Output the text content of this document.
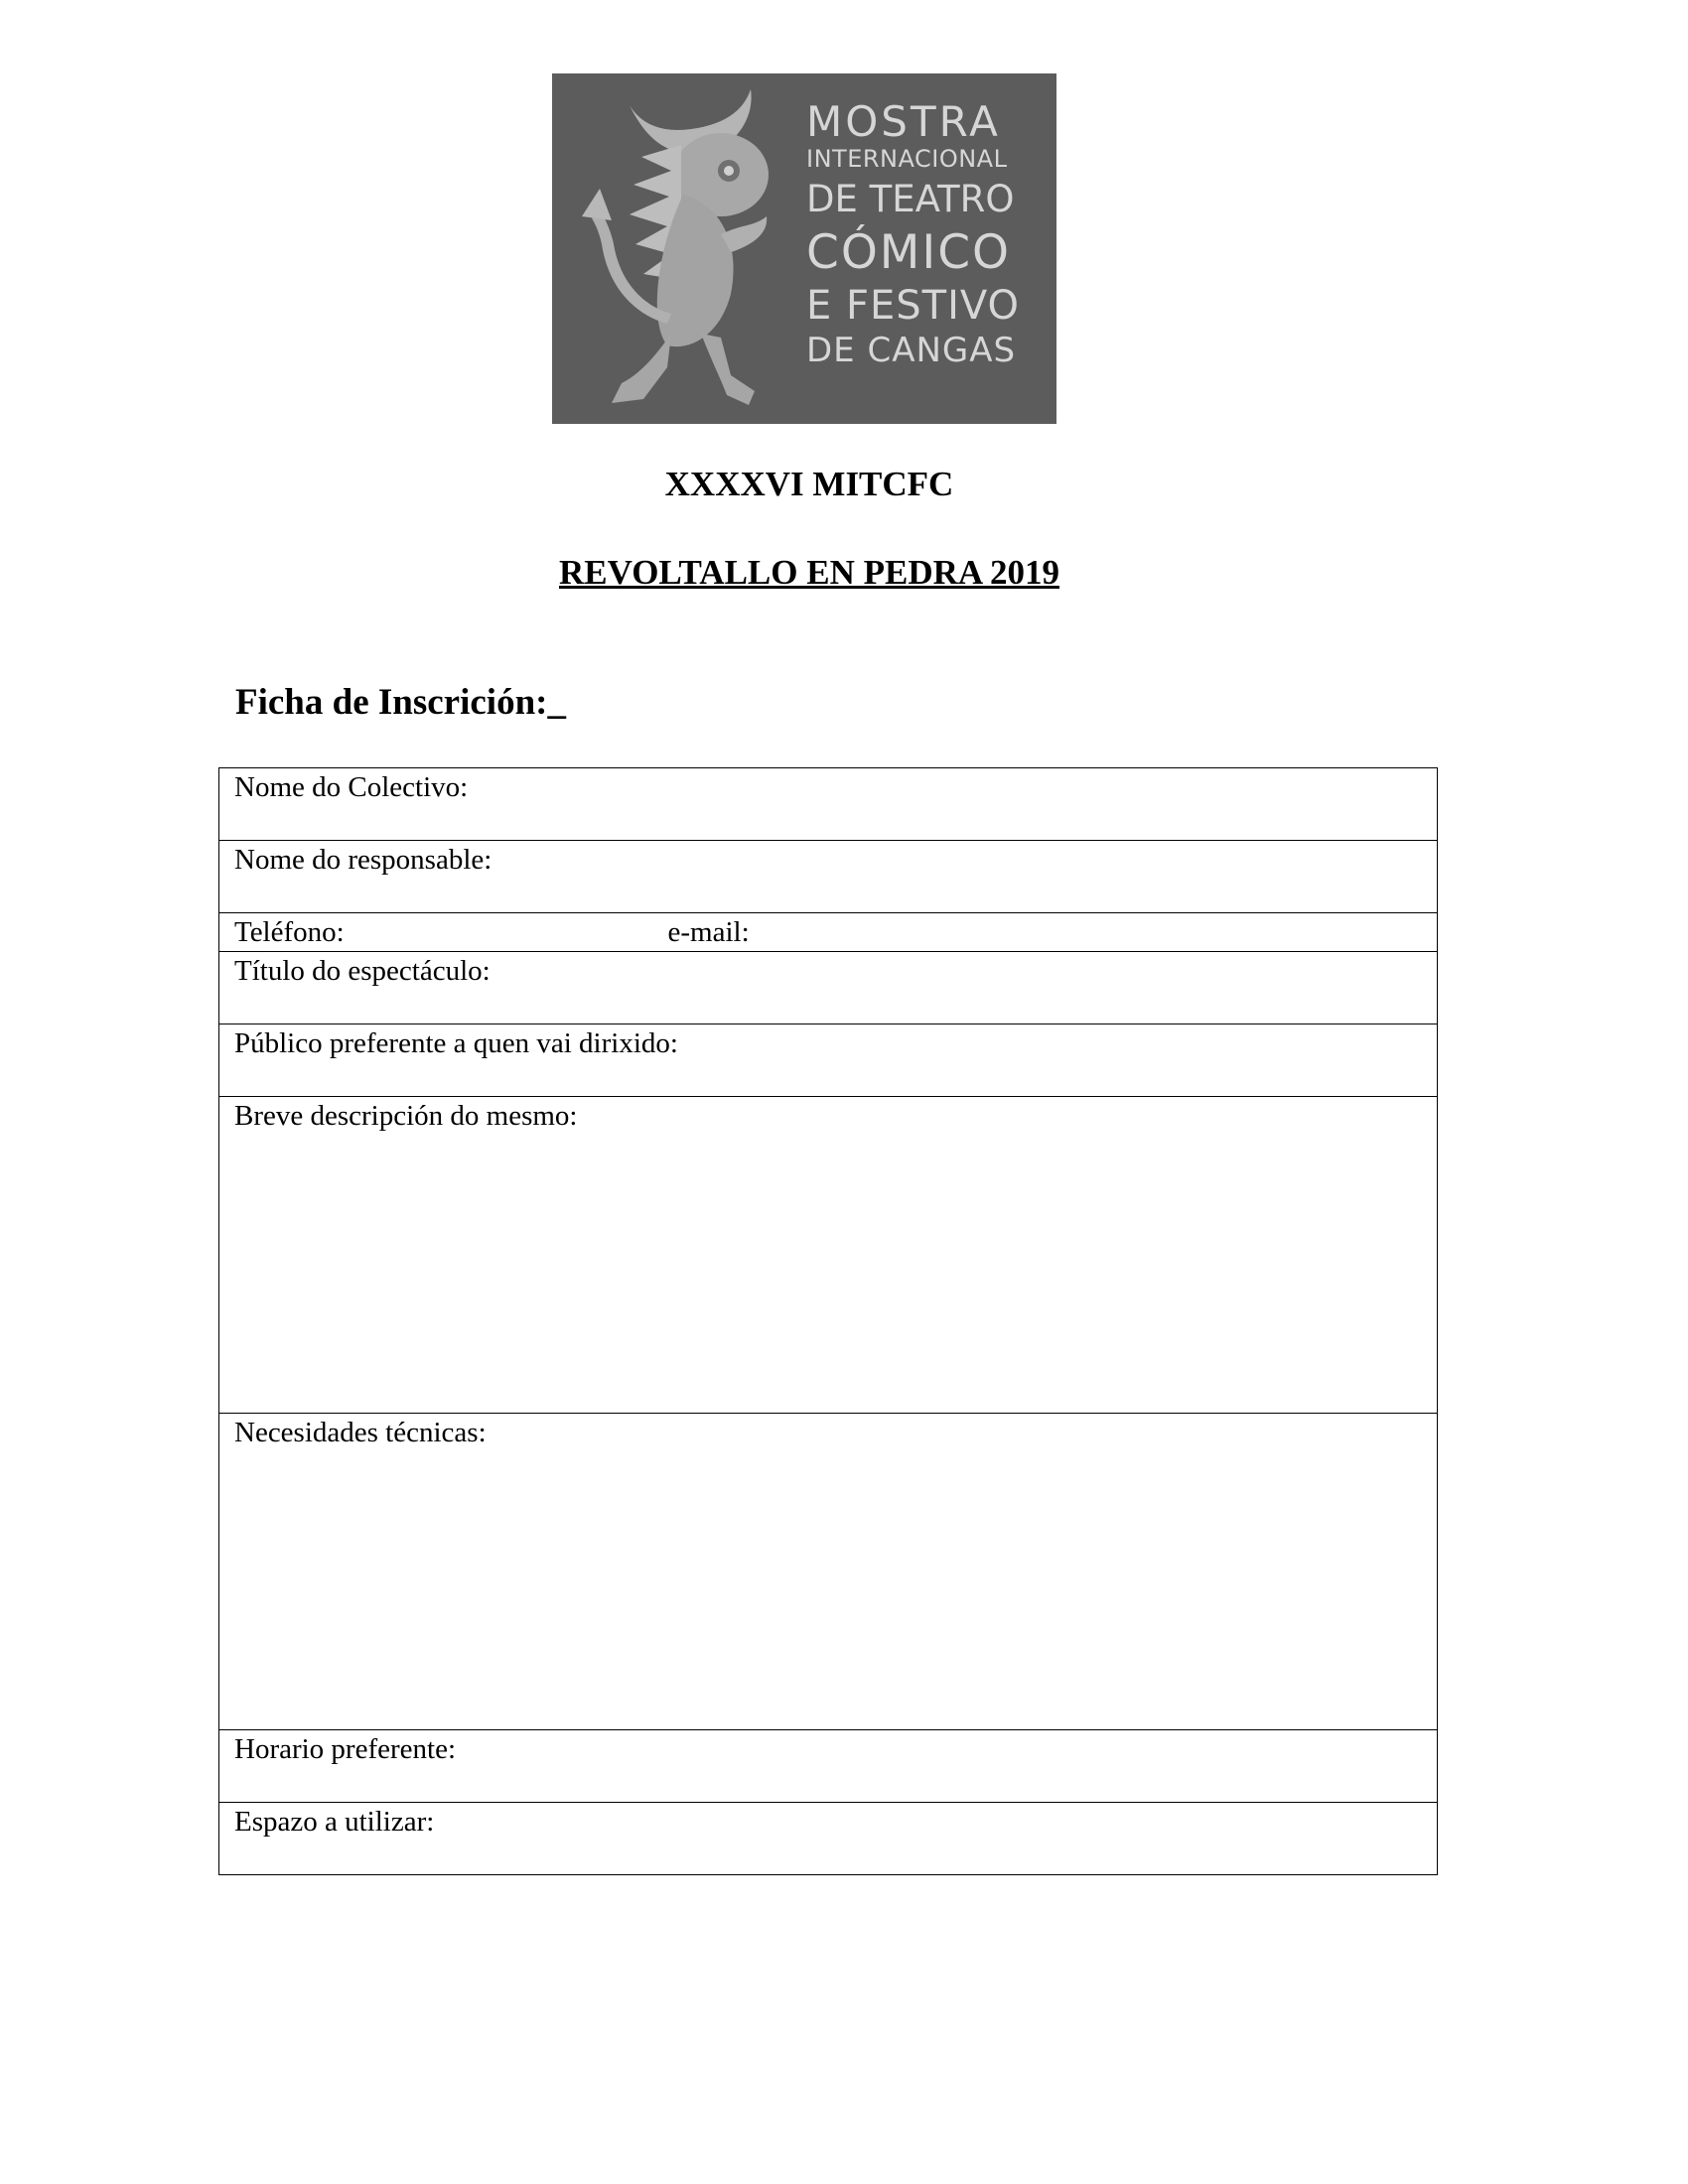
MOSTRA
INTERNACIONAL
DE TEATRO
CÓMICO
E FESTIVO
DE CANGAS
XXXXVI MITCFC
REVOLTALLO EN PEDRA 2019
Ficha de Inscrición:_
Nome do Colectivo:
Nome do responsable:
Teléfono:	e-mail:

Título do espectáculo:
Público preferente a quen vai dirixido:
Breve descripción do mesmo:
Necesidades técnicas:
Horario preferente:
Espazo a utilizar:
